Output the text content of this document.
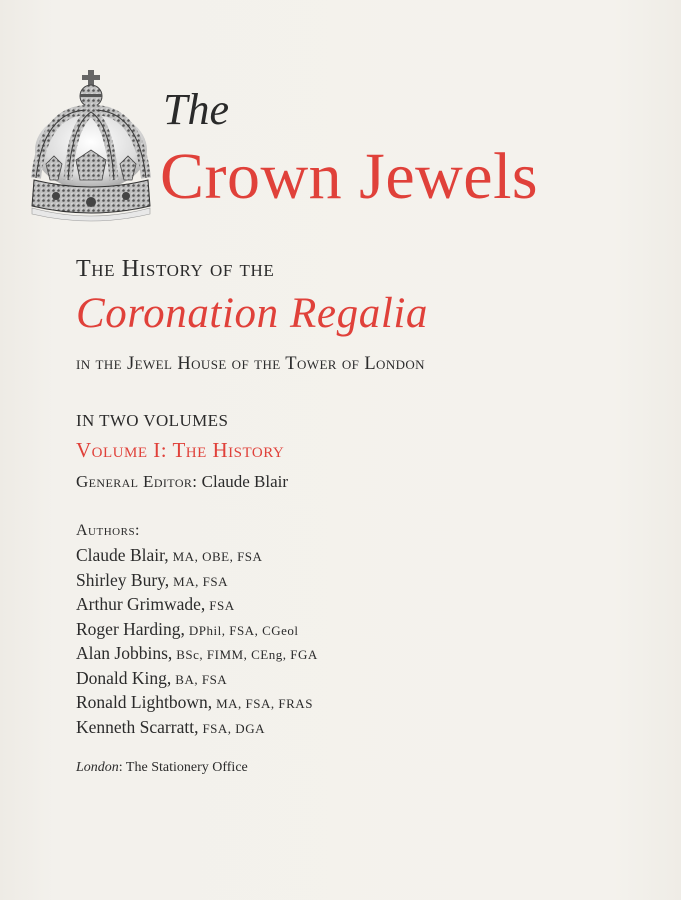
The
Crown Jewels
The History of the
Coronation Regalia
in the Jewel House of the Tower of London
IN TWO VOLUMES
Volume I: The History
General Editor: Claude Blair
Authors:
Claude Blair, MA, OBE, FSA
Shirley Bury, MA, FSA
Arthur Grimwade, FSA
Roger Harding, DPhil, FSA, CGeol
Alan Jobbins, BSc, FIMM, CEng, FGA
Donald King, BA, FSA
Ronald Lightbown, MA, FSA, FRAS
Kenneth Scarratt, FSA, DGA
London: The Stationery Office
